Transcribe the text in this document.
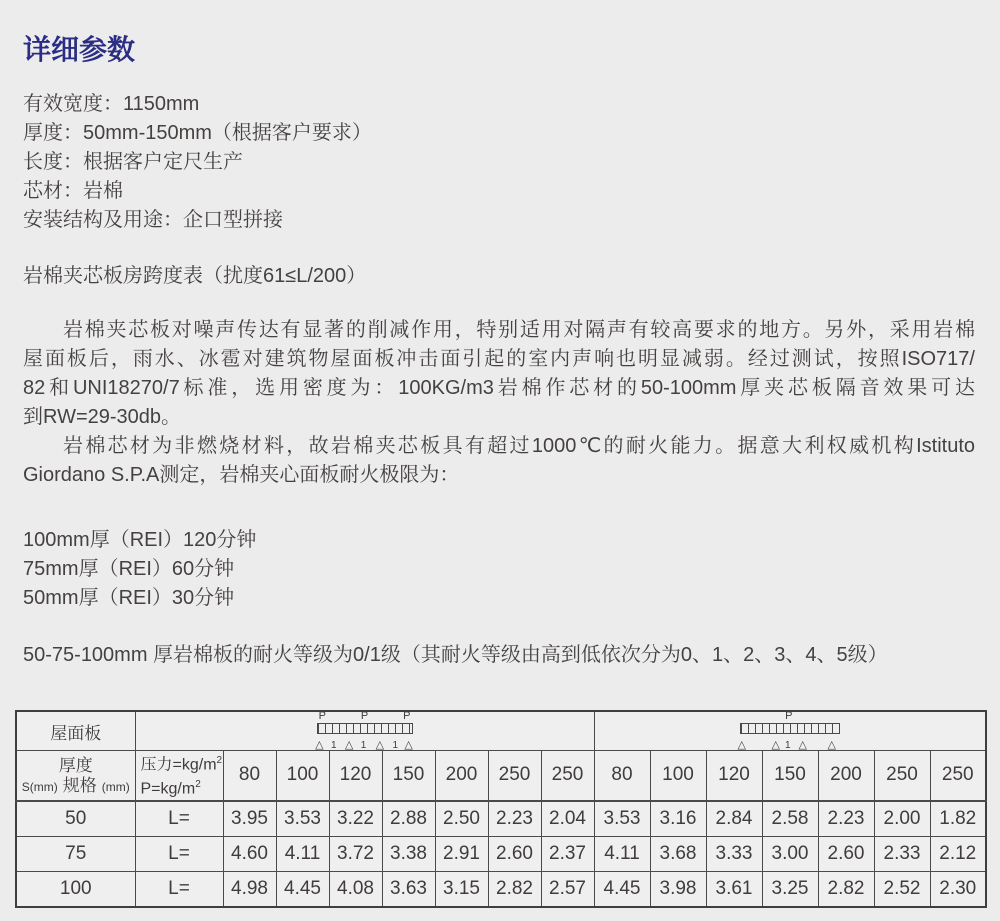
详细参数
有效宽度：1150mm
厚度：50mm-150mm（根据客户要求）
长度：根据客户定尺生产
芯材：岩棉
安装结构及用途：企口型拼接
岩棉夹芯板房跨度表（扰度61≤L/200）
岩棉夹芯板对噪声传达有显著的削减作用，特别适用对隔声有较高要求的地方。另外，采用岩棉
屋面板后，雨水、冰雹对建筑物屋面板冲击面引起的室内声响也明显减弱。经过测试，按照ISO717/
82和UNI18270/7标准，选用密度为：100KG/m3岩棉作芯材的50-100mm厚夹芯板隔音效果可达
到RW=29-30db。
岩棉芯材为非燃烧材料，故岩棉夹芯板具有超过1000℃的耐火能力。据意大利权威机构Istituto
Giordano S.P.A测定，岩棉夹心面板耐火极限为：
100mm厚（REI）120分钟
75mm厚（REI）60分钟
50mm厚（REI）30分钟
50-75-100mm 厚岩棉板的耐火等级为0/1级（其耐火等级由高到低依次分为0、1、2、3、4、5级）
屋面板	
P	P	P
△ 1 △ 1 △ 1 △

P
△ △ 1 △ △

厚度
S(mm) 规格 (mm)

压力$=kg/m^2$
$P=kg/m^2$	80	100	120	150	200	250	250	80	100	120	150	200	250	250
50	L=	3.95	3.53	3.22	2.88	2.50	2.23	2.04	3.53	3.16	2.84	2.58	2.23	2.00	1.82
75	L=	4.60	4.11	3.72	3.38	2.91	2.60	2.37	4.11	3.68	3.33	3.00	2.60	2.33	2.12
100	L=	4.98	4.45	4.08	3.63	3.15	2.82	2.57	4.45	3.98	3.61	3.25	2.82	2.52	2.30
